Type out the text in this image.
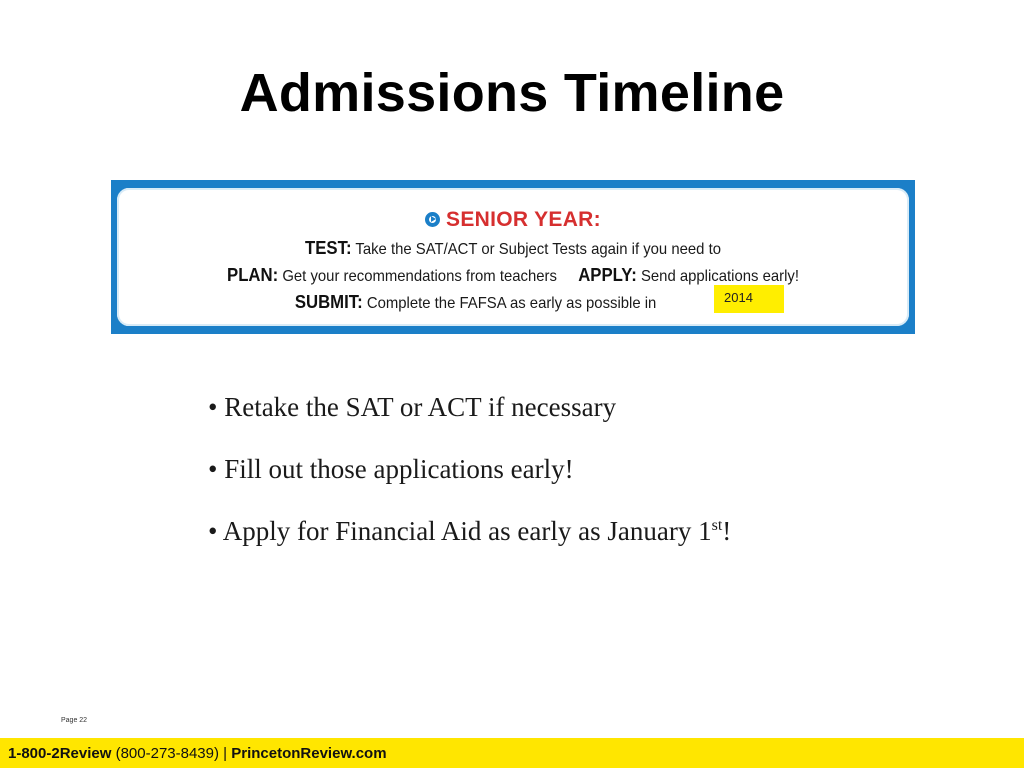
Admissions Timeline
SENIOR YEAR:
TEST: Take the SAT/ACT or Subject Tests again if you need to
PLAN: Get your recommendations from teachers APPLY: Send applications early!
SUBMIT: Complete the FAFSA as early as possible in	2014
• Retake the SAT or ACT if necessary
• Fill out those applications early!
• Apply for Financial Aid as early as January 1st!
Page 22
1-800-2Review (800-273-8439) | PrincetonReview.com
